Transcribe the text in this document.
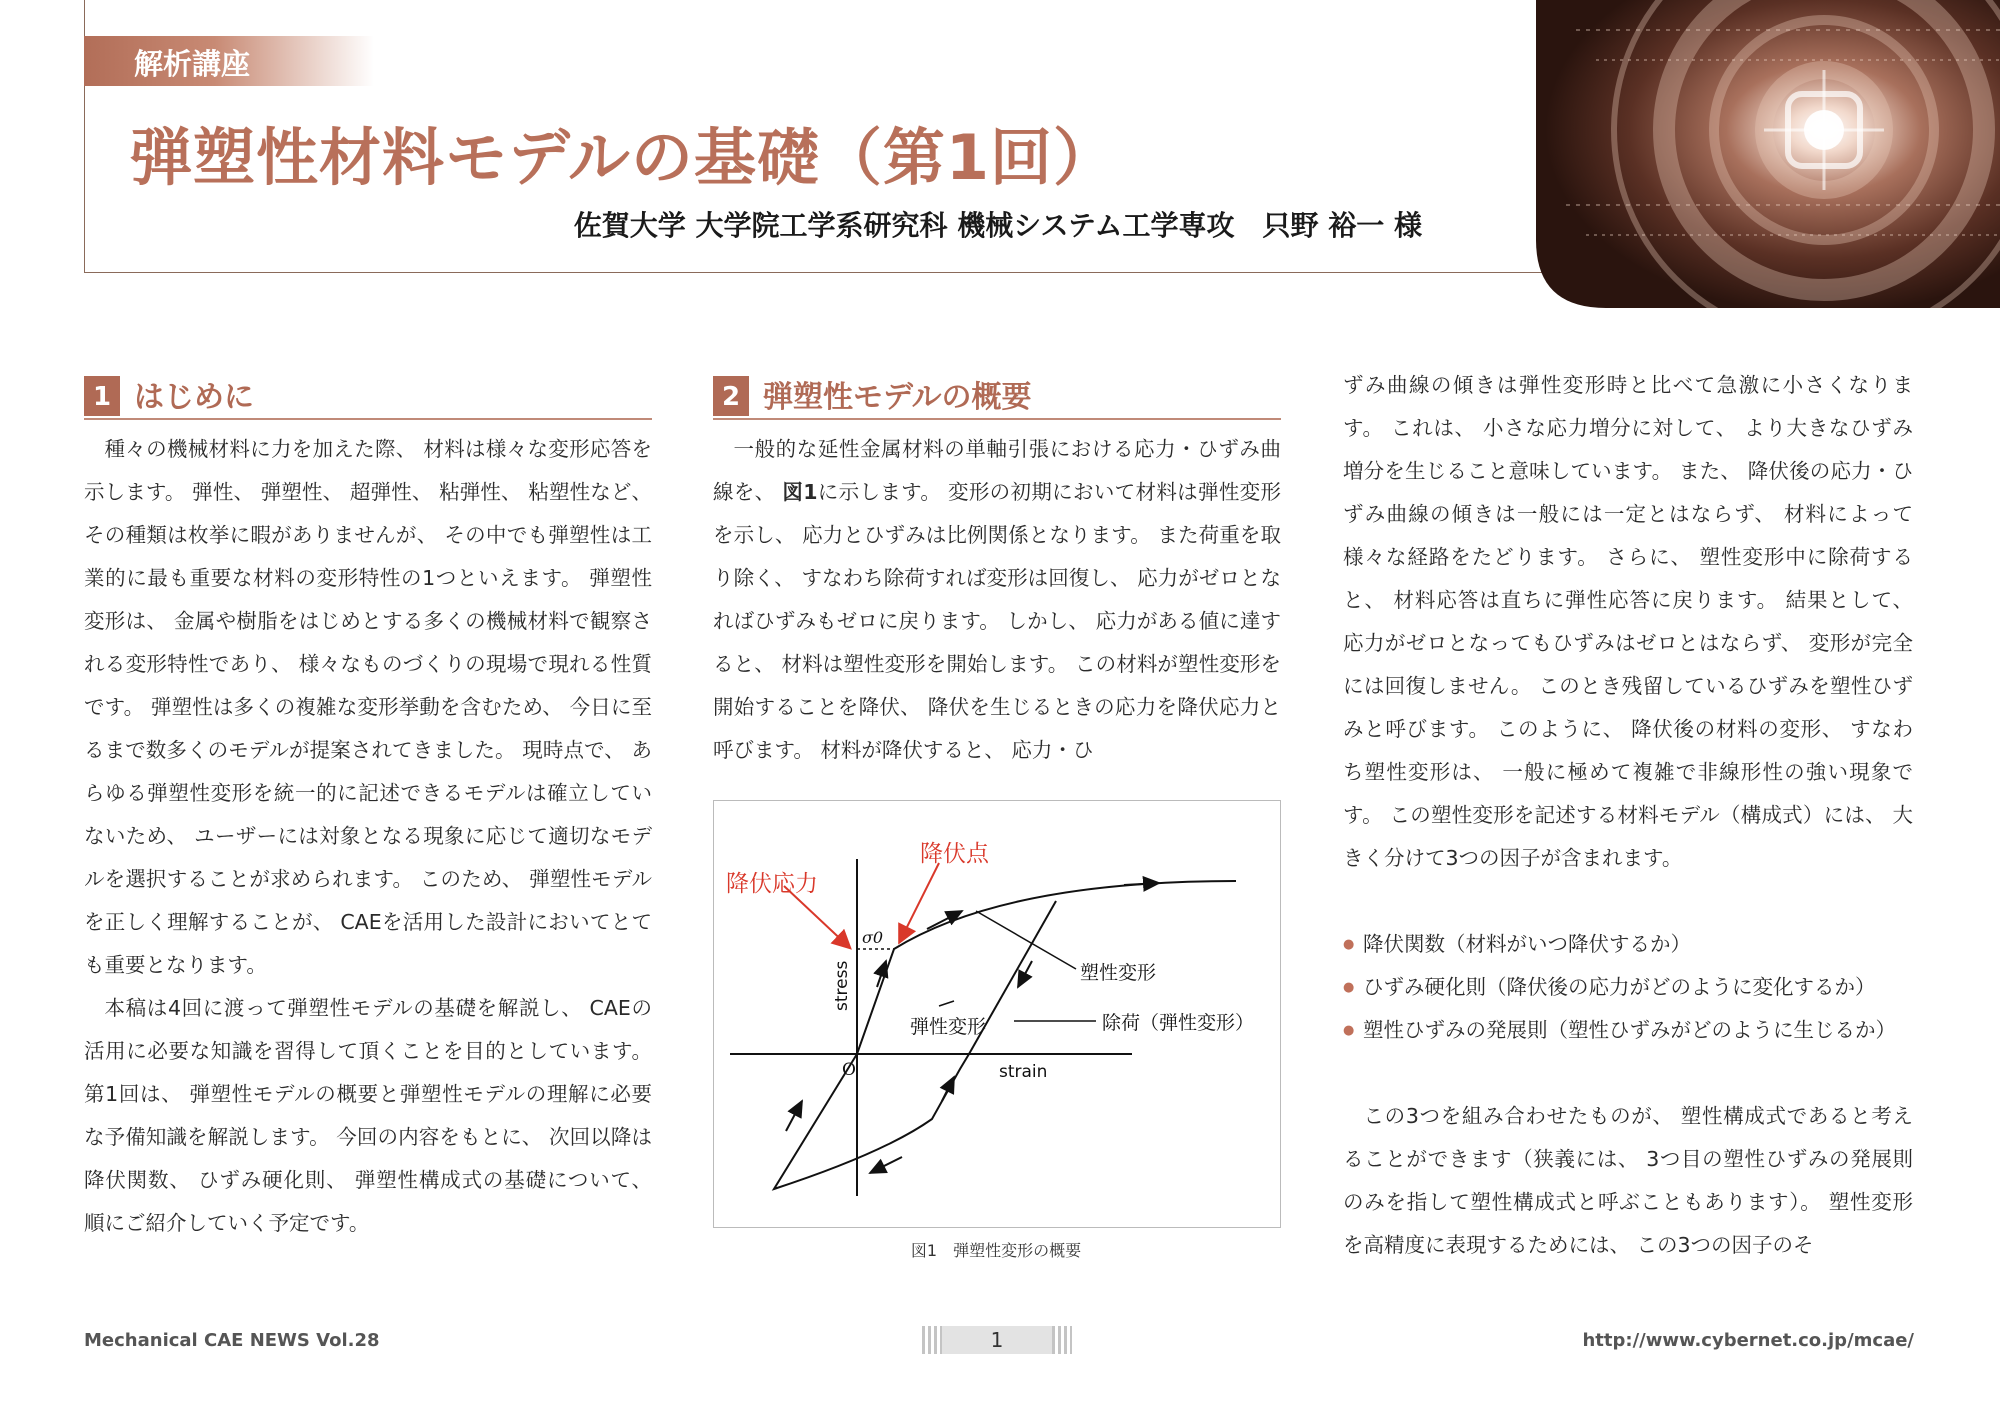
解析講座
弾塑性材料モデルの基礎（第1回）
佐賀大学 大学院工学系研究科 機械システム工学専攻　只野 裕一 様
1 はじめに

種々の機械材料に力を加えた際、 材料は様々な変形応答を示します。 弾性、 弾塑性、 超弾性、 粘弾性、 粘塑性など、 その種類は枚挙に暇がありませんが、 その中でも弾塑性は工業的に最も重要な材料の変形特性の1つといえます。 弾塑性変形は、 金属や樹脂をはじめとする多くの機械材料で観察される変形特性であり、 様々なものづくりの現場で現れる性質です。 弾塑性は多くの複雑な変形挙動を含むため、 今日に至るまで数多くのモデルが提案されてきました。 現時点で、 あらゆる弾塑性変形を統一的に記述できるモデルは確立していないため、 ユーザーには対象となる現象に応じて適切なモデルを選択することが求められます。 このため、 弾塑性モデルを正しく理解することが、 CAEを活用した設計においてとても重要となります。

本稿は4回に渡って弾塑性モデルの基礎を解説し、 CAEの活用に必要な知識を習得して頂くことを目的としています。 第1回は、 弾塑性モデルの概要と弾塑性モデルの理解に必要な予備知識を解説します。 今回の内容をもとに、 次回以降は降伏関数、 ひずみ硬化則、 弾塑性構成式の基礎について、 順にご紹介していく予定です。

2 弾塑性モデルの概要

一般的な延性金属材料の単軸引張における応力・ひずみ曲線を、 図1に示します。 変形の初期において材料は弾性変形を示し、 応力とひずみは比例関係となります。 また荷重を取り除く、 すなわち除荷すれば変形は回復し、 応力がゼロとなればひずみもゼロに戻ります。 しかし、 応力がある値に達すると、 材料は塑性変形を開始します。 この材料が塑性変形を開始することを降伏、 降伏を生じるときの応力を降伏応力と呼びます。 材料が降伏すると、 応力・ひ

降伏応力
降伏点
σ0
stress
strain
O
塑性変形
弾性変形	除荷（弾性変形）
図1　弾塑性変形の概要

ずみ曲線の傾きは弾性変形時と比べて急激に小さくなります。 これは、 小さな応力増分に対して、 より大きなひずみ増分を生じること意味しています。 また、 降伏後の応力・ひずみ曲線の傾きは一般には一定とはならず、 材料によって様々な経路をたどります。 さらに、 塑性変形中に除荷すると、 材料応答は直ちに弾性応答に戻ります。 結果として、 応力がゼロとなってもひずみはゼロとはならず、 変形が完全には回復しません。 このとき残留しているひずみを塑性ひずみと呼びます。 このように、 降伏後の材料の変形、 すなわち塑性変形は、 一般に極めて複雑で非線形性の強い現象です。 この塑性変形を記述する材料モデル（構成式）には、 大きく分けて3つの因子が含まれます。

● 降伏関数（材料がいつ降伏するか）
● ひずみ硬化則（降伏後の応力がどのように変化するか）
● 塑性ひずみの発展則（塑性ひずみがどのように生じるか）

この3つを組み合わせたものが、 塑性構成式であると考えることができます（狭義には、 3つ目の塑性ひずみの発展則のみを指して塑性構成式と呼ぶこともあります）。 塑性変形を高精度に表現するためには、 この3つの因子のそ

Mechanical CAE NEWS Vol.28	1	http://www.cybernet.co.jp/mcae/
